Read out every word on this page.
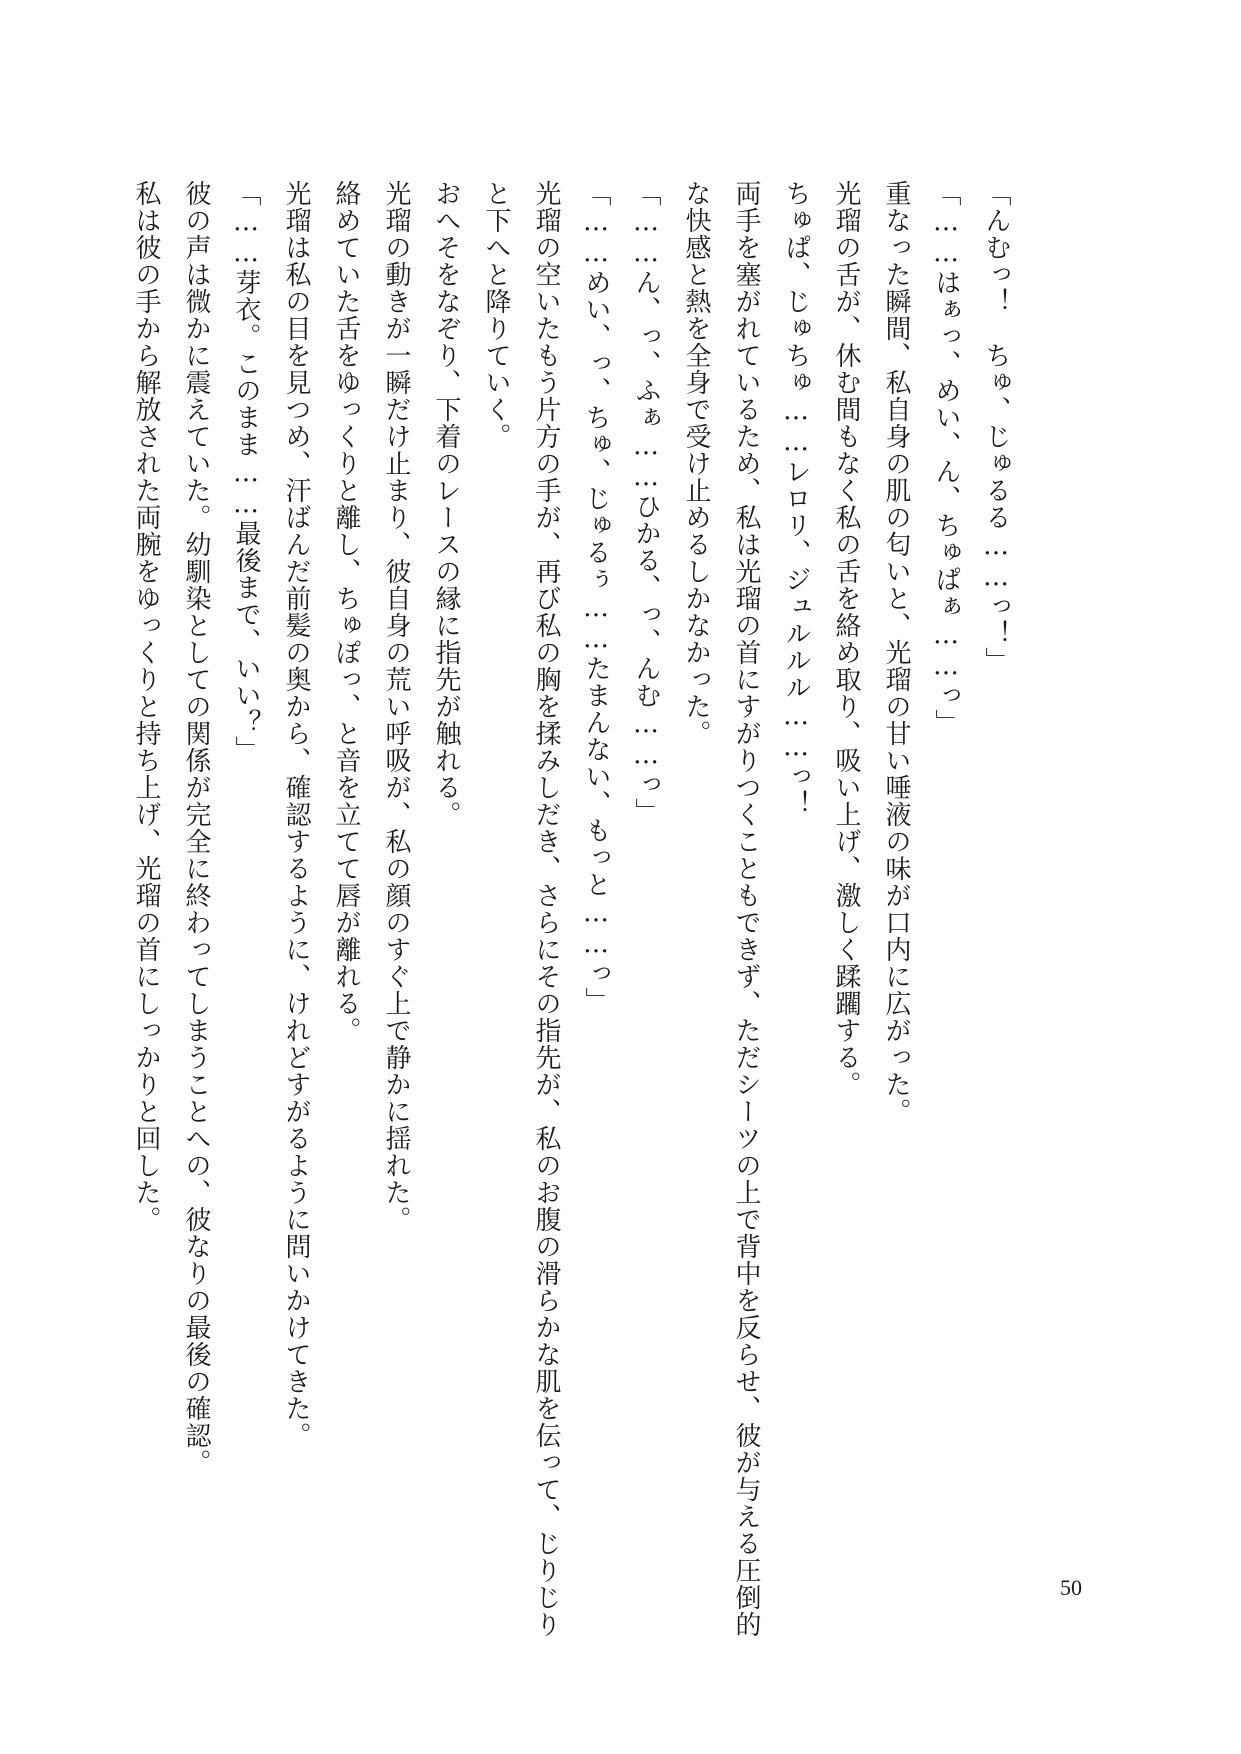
「んむっ！　ちゅ、じゅるる……っ！」

「……はぁっ、めい、ん、ちゅぱぁ……っ」

重なった瞬間、私自身の肌の匂いと、光瑠の甘い唾液の味が口内に広がった。

光瑠の舌が、休む間もなく私の舌を絡め取り、吸い上げ、激しく蹂躙する。

ちゅぱ、じゅちゅ……レロリ、ジュルルル……っ！

両手を塞がれているため、私は光瑠の首にすがりつくこともできず、ただシーツの上で背中を反らせ、彼が与える圧倒的な快感と熱を全身で受け止めるしかなかった。

「……ん、っ、ふぁ……ひかる、っ、んむ……っ」

「……めい、っ、ちゅ、じゅるぅ……たまんない、もっと……っ」

光瑠の空いたもう片方の手が、再び私の胸を揉みしだき、さらにその指先が、私のお腹の滑らかな肌を伝って、じりじりと下へと降りていく。

おへそをなぞり、下着のレースの縁に指先が触れる。

光瑠の動きが一瞬だけ止まり、彼自身の荒い呼吸が、私の顔のすぐ上で静かに揺れた。

絡めていた舌をゆっくりと離し、ちゅぽっ、と音を立てて唇が離れる。

光瑠は私の目を見つめ、汗ばんだ前髪の奥から、確認するように、けれどすがるように問いかけてきた。

「……芽衣。このまま……最後まで、いい？」

彼の声は微かに震えていた。幼馴染としての関係が完全に終わってしまうことへの、彼なりの最後の確認。

私は彼の手から解放された両腕をゆっくりと持ち上げ、光瑠の首にしっかりと回した。

50
